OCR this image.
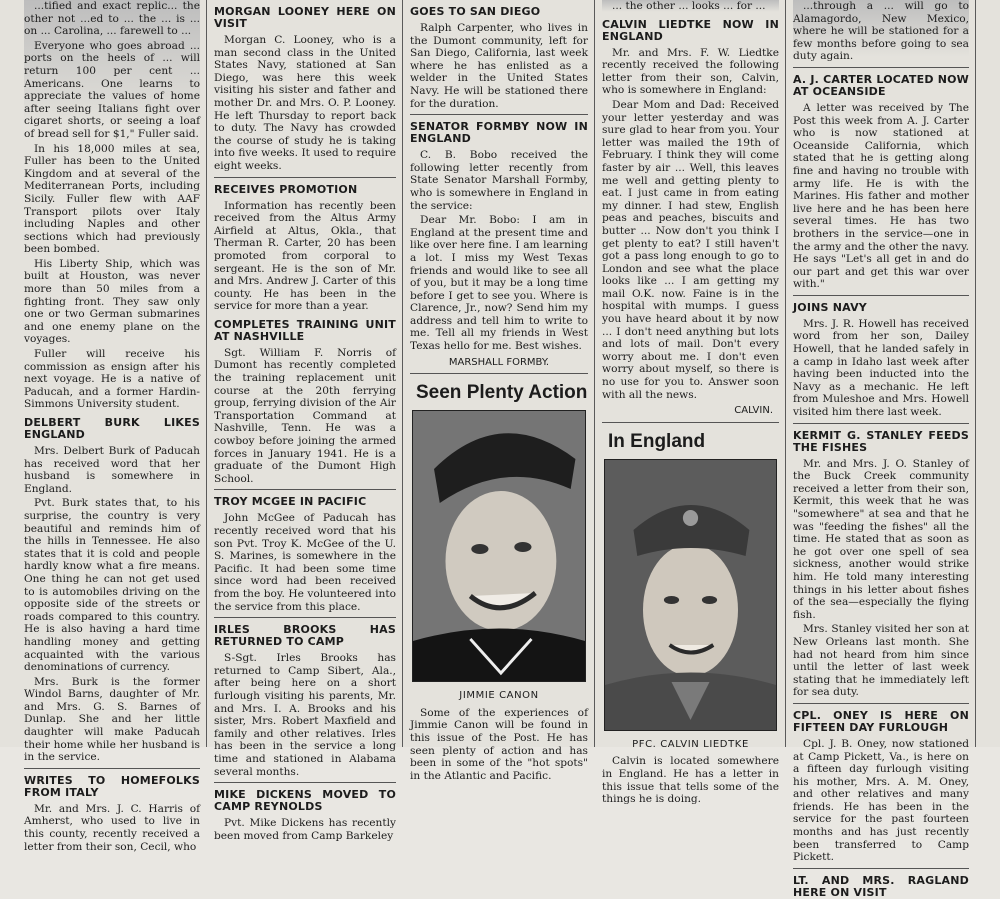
...tified and exact replic... the other not ...ed to ... the ... is ... on ... Carolina, ... farewell to ...

Everyone who goes abroad ... ports on the heels of ... will return 100 per cent ... Americans. One learns to appreciate the values of home after seeing Italians fight over cigaret shorts, or seeing a loaf of bread sell for $1," Fuller said.

In his 18,000 miles at sea, Fuller has been to the United Kingdom and at several of the Mediterranean Ports, including Sicily. Fuller flew with AAF Transport pilots over Italy including Naples and other sections which had previously been bombed.

His Liberty Ship, which was built at Houston, was never more than 50 miles from a fighting front. They saw only one or two German submarines and one enemy plane on the voyages.

Fuller will receive his commission as ensign after his next voyage. He is a native of Paducah, and a former Hardin-Simmons University student.

DELBERT BURK LIKES ENGLAND

Mrs. Delbert Burk of Paducah has received word that her husband is somewhere in England.

Pvt. Burk states that, to his surprise, the country is very beautiful and reminds him of the hills in Tennessee. He also states that it is cold and people hardly know what a fire means. One thing he can not get used to is automobiles driving on the opposite side of the streets or roads compared to this country. He is also having a hard time handling money and getting acquainted with the various denominations of currency.

Mrs. Burk is the former Windol Barns, daughter of Mr. and Mrs. G. S. Barnes of Dunlap. She and her little daughter will make Paducah their home while her husband is in the service.

WRITES TO HOMEFOLKS FROM ITALY

Mr. and Mrs. J. C. Harris of Amherst, who used to live in this county, recently received a letter from their son, Cecil, who

MORGAN LOONEY HERE ON VISIT

Morgan C. Looney, who is a man second class in the United States Navy, stationed at San Diego, was here this week visiting his sister and father and mother Dr. and Mrs. O. P. Looney. He left Thursday to report back to duty. The Navy has crowded the course of study he is taking into five weeks. It used to require eight weeks.

RECEIVES PROMOTION

Information has recently been received from the Altus Army Airfield at Altus, Okla., that Therman R. Carter, 20 has been promoted from corporal to sergeant. He is the son of Mr. and Mrs. Andrew J. Carter of this county. He has been in the service for more than a year.

COMPLETES TRAINING UNIT AT NASHVILLE

Sgt. William F. Norris of Dumont has recently completed the training replacement unit course at the 20th ferrying group, ferrying division of the Air Transportation Command at Nashville, Tenn. He was a cowboy before joining the armed forces in January 1941. He is a graduate of the Dumont High School.

TROY MCGEE IN PACIFIC

John McGee of Paducah has recently received word that his son Pvt. Troy K. McGee of the U. S. Marines, is somewhere in the Pacific. It had been some time since word had been received from the boy. He volunteered into the service from this place.

IRLES BROOKS HAS RETURNED TO CAMP

S-Sgt. Irles Brooks has returned to Camp Sibert, Ala., after being here on a short furlough visiting his parents, Mr. and Mrs. I. A. Brooks and his sister, Mrs. Robert Maxfield and family and other relatives. Irles has been in the service a long time and stationed in Alabama several months.

MIKE DICKENS MOVED TO CAMP REYNOLDS

Pvt. Mike Dickens has recently been moved from Camp Barkeley

GOES TO SAN DIEGO

Ralph Carpenter, who lives in the Dumont community, left for San Diego, California, last week where he has enlisted as a welder in the United States Navy. He will be stationed there for the duration.

SENATOR FORMBY NOW IN ENGLAND

C. B. Bobo received the following letter recently from State Senator Marshall Formby, who is somewhere in England in the service:

Dear Mr. Bobo: I am in England at the present time and like over here fine. I am learning a lot. I miss my West Texas friends and would like to see all of you, but it may be a long time before I get to see you. Where is Clarence, Jr., now? Send him my address and tell him to write to me. Tell all my friends in West Texas hello for me. Best wishes.

MARSHALL FORMBY.
Seen Plenty Action
JIMMIE CANON

Some of the experiences of Jimmie Canon will be found in this issue of the Post. He has seen plenty of action and has been in some of the "hot spots" in the Atlantic and Pacific.

... the other ... looks ... for ...

CALVIN LIEDTKE NOW IN ENGLAND

Mr. and Mrs. F. W. Liedtke recently received the following letter from their son, Calvin, who is somewhere in England:

Dear Mom and Dad: Received your letter yesterday and was sure glad to hear from you. Your letter was mailed the 19th of February. I think they will come faster by air ... Well, this leaves me well and getting plenty to eat. I just came in from eating my dinner. I had stew, English peas and peaches, biscuits and butter ... Now don't you think I get plenty to eat? I still haven't got a pass long enough to go to London and see what the place looks like ... I am getting my mail O.K. now. Faine is in the hospital with mumps. I guess you have heard about it by now ... I don't need anything but lots and lots of mail. Don't every worry about me. I don't even worry about myself, so there is no use for you to. Answer soon with all the news.

CALVIN.
In England
PFC. CALVIN LIEDTKE

Calvin is located somewhere in England. He has a letter in this issue that tells some of the things he is doing.

...through a ... will go to Alamagordo, New Mexico, where he will be stationed for a few months before going to sea duty again.

A. J. CARTER LOCATED NOW AT OCEANSIDE

A letter was received by The Post this week from A. J. Carter who is now stationed at Oceanside California, which stated that he is getting along fine and having no trouble with army life. He is with the Marines. His father and mother live here and he has been here several times. He has two brothers in the service—one in the army and the other the navy. He says "Let's all get in and do our part and get this war over with."

JOINS NAVY

Mrs. J. R. Howell has received word from her son, Dailey Howell, that he landed safely in a camp in Idaho last week after having been inducted into the Navy as a mechanic. He left from Muleshoe and Mrs. Howell visited him there last week.

KERMIT G. STANLEY FEEDS THE FISHES

Mr. and Mrs. J. O. Stanley of the Buck Creek community received a letter from their son, Kermit, this week that he was "somewhere" at sea and that he was "feeding the fishes" all the time. He stated that as soon as he got over one spell of sea sickness, another would strike him. He told many interesting things in his letter about fishes of the sea—especially the flying fish.

Mrs. Stanley visited her son at New Orleans last month. She had not heard from him since until the letter of last week stating that he immediately left for sea duty.

CPL. ONEY IS HERE ON FIFTEEN DAY FURLOUGH

Cpl. J. B. Oney, now stationed at Camp Pickett, Va., is here on a fifteen day furlough visiting his mother, Mrs. A. M. Oney, and other relatives and many friends. He has been in the service for the past fourteen months and has just recently been transferred to Camp Pickett.

LT. AND MRS. RAGLAND HERE ON VISIT
